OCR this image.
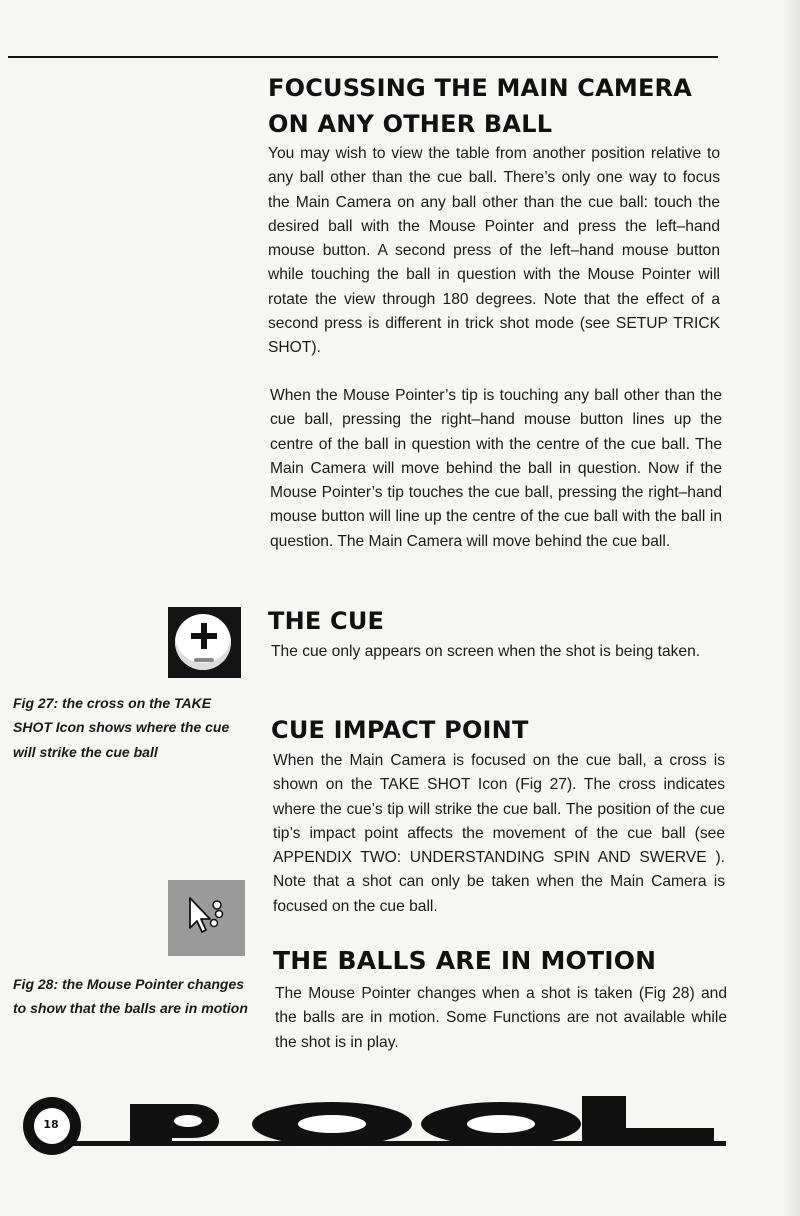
FOCUSSING THE MAIN CAMERA ON ANY OTHER BALL

You may wish to view the table from another position relative to any ball other than the cue ball. There’s only one way to focus the Main Camera on any ball other than the cue ball: touch the desired ball with the Mouse Pointer and press the left–hand mouse button. A second press of the left–hand mouse button while touching the ball in question with the Mouse Pointer will rotate the view through 180 degrees. Note that the effect of a second press is different in trick shot mode (see SETUP TRICK SHOT).

When the Mouse Pointer’s tip is touching any ball other than the cue ball, pressing the right–hand mouse button lines up the centre of the ball in question with the centre of the cue ball. The Main Camera will move behind the ball in question. Now if the Mouse Pointer’s tip touches the cue ball, pressing the right–hand mouse button will line up the centre of the cue ball with the ball in question. The Main Camera will move behind the cue ball.

Fig 27: the cross on the TAKE SHOT Icon shows where the cue will strike the cue ball

THE CUE

The cue only appears on screen when the shot is being taken.

CUE IMPACT POINT

When the Main Camera is focused on the cue ball, a cross is shown on the TAKE SHOT Icon (Fig 27). The cross indicates where the cue’s tip will strike the cue ball. The position of the cue tip’s impact point affects the movement of the cue ball (see APPENDIX TWO: UNDERSTANDING SPIN AND SWERVE ). Note that a shot can only be taken when the Main Camera is focused on the cue ball.

Fig 28: the Mouse Pointer changes to show that the balls are in motion

THE BALLS ARE IN MOTION

The Mouse Pointer changes when a shot is taken (Fig 28) and the balls are in motion. Some Functions are not available while the shot is in play.

18
